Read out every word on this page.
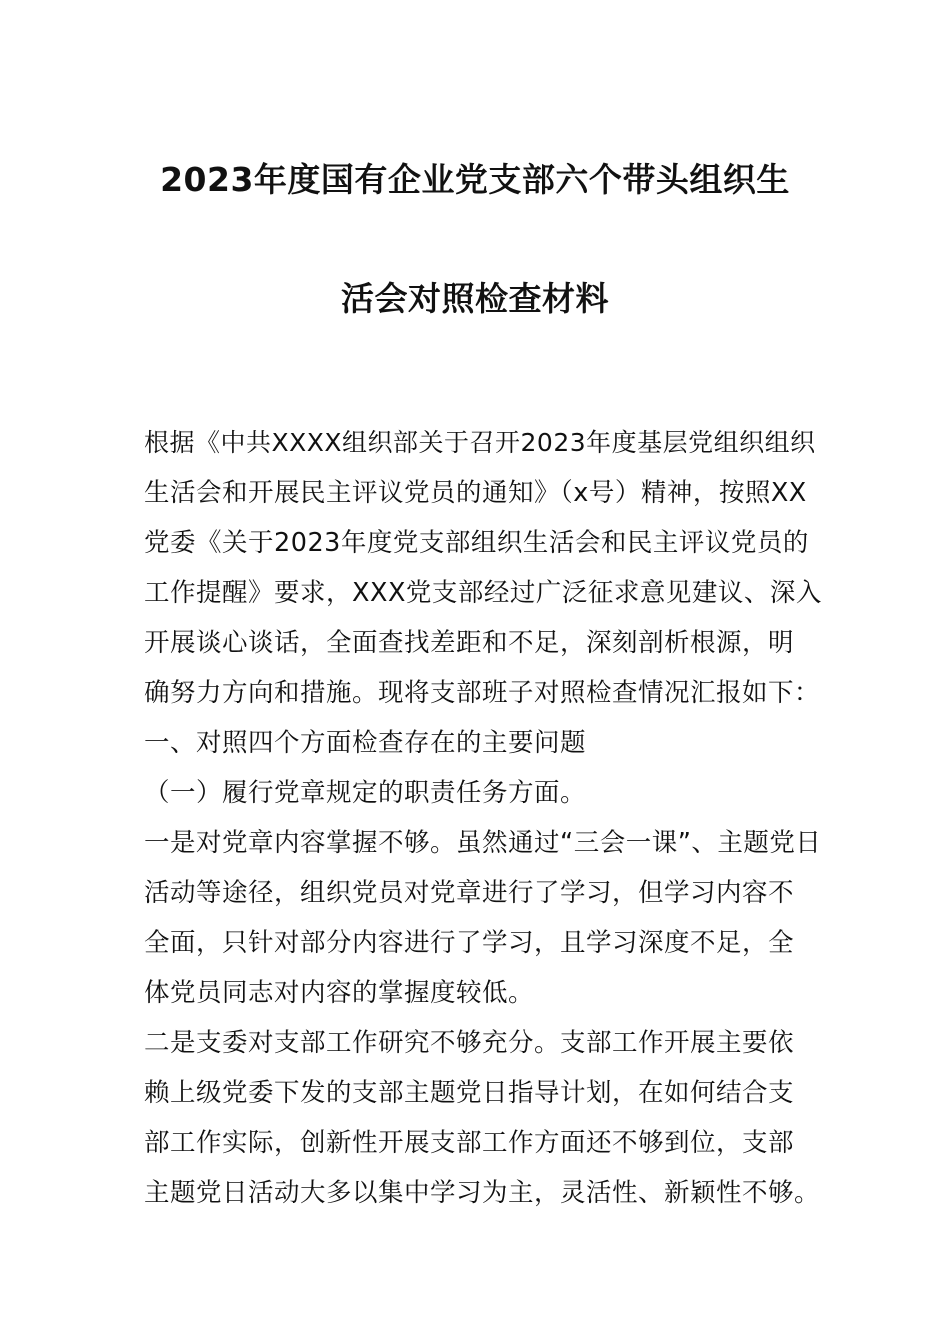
2023年度国有企业党支部六个带头组织生
活会对照检查材料

根据《中共XXXX组织部关于召开2023年度基层党组织组织

生活会和开展民主评议党员的通知》（x号）精神，按照XX

党委《关于2023年度党支部组织生活会和民主评议党员的

工作提醒》要求，XXX党支部经过广泛征求意见建议、深入

开展谈心谈话，全面查找差距和不足，深刻剖析根源，明

确努力方向和措施。现将支部班子对照检查情况汇报如下：

一、对照四个方面检查存在的主要问题

（一）履行党章规定的职责任务方面。

一是对党章内容掌握不够。虽然通过“三会一课”、主题党日

活动等途径，组织党员对党章进行了学习，但学习内容不

全面，只针对部分内容进行了学习，且学习深度不足，全

体党员同志对内容的掌握度较低。

二是支委对支部工作研究不够充分。支部工作开展主要依

赖上级党委下发的支部主题党日指导计划，在如何结合支

部工作实际，创新性开展支部工作方面还不够到位，支部

主题党日活动大多以集中学习为主，灵活性、新颖性不够。
